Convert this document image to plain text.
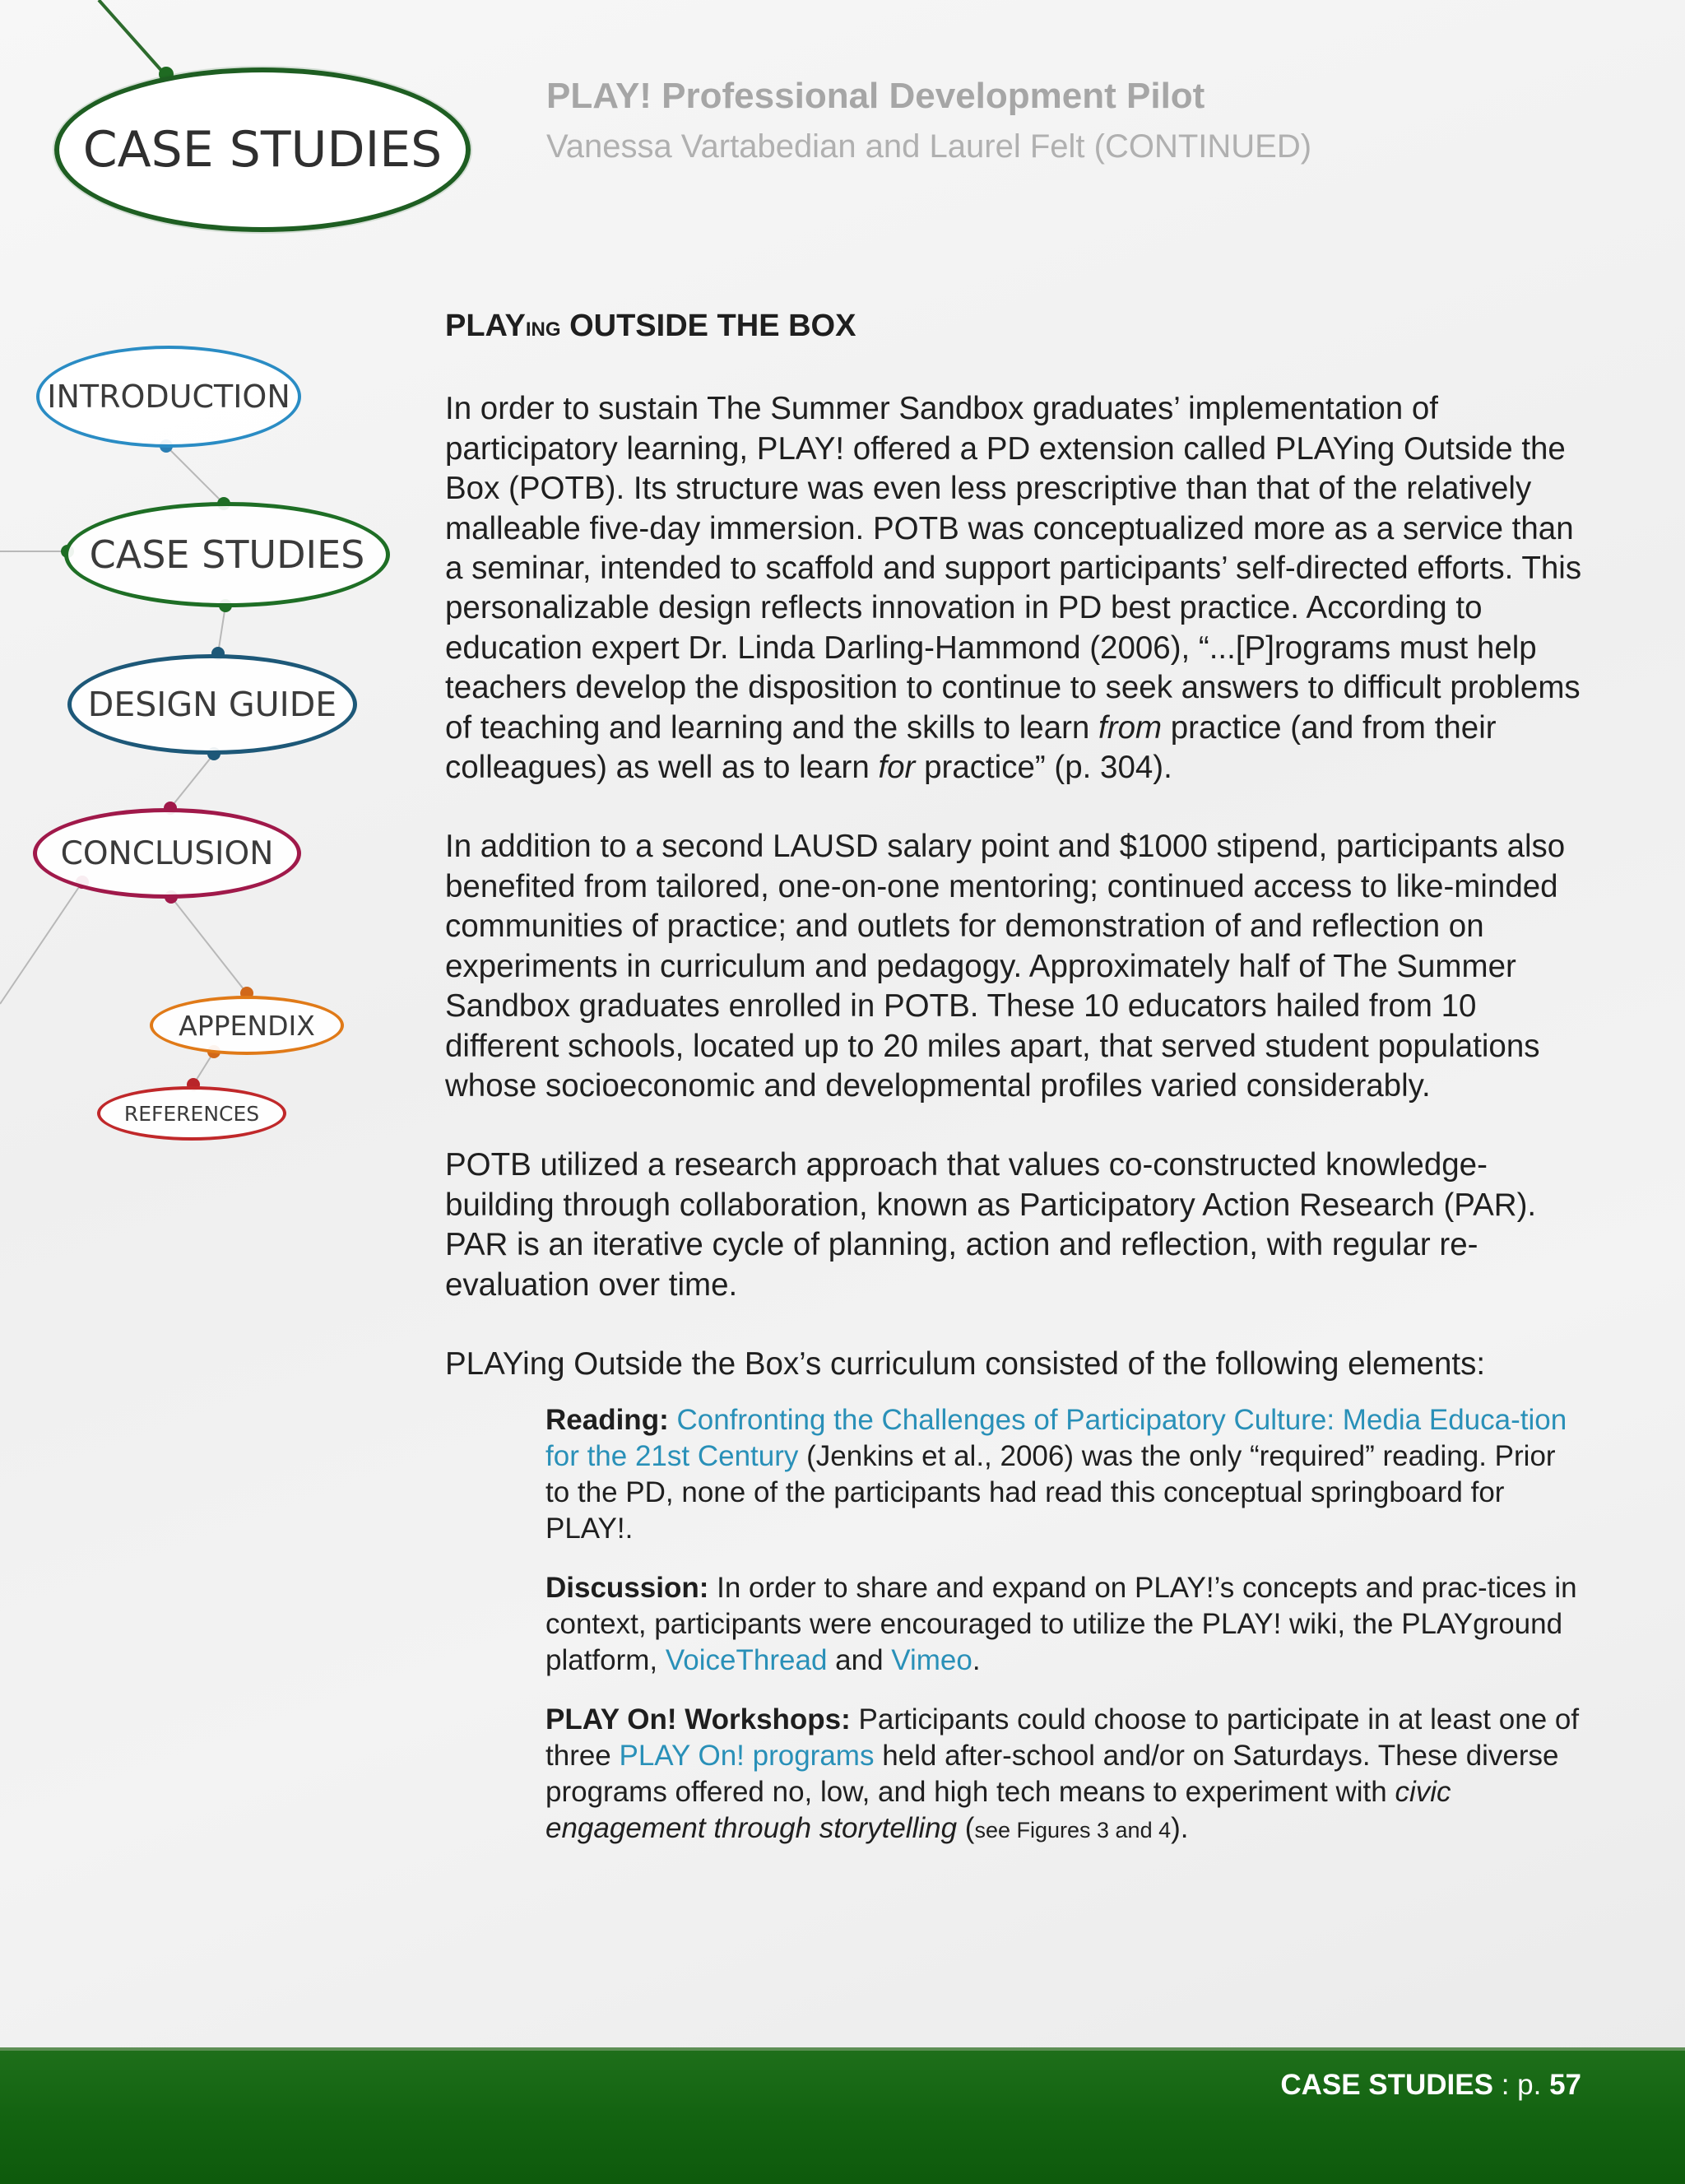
CASE STUDIES
INTRODUCTION
CASE STUDIES
DESIGN GUIDE
CONCLUSION
APPENDIX
REFERENCES
PLAY! Professional Development Pilot
Vanessa Vartabedian and Laurel Felt (CONTINUED)
PLAYING OUTSIDE THE BOX

In order to sustain The Summer Sandbox graduates’ implementation of participatory learning, PLAY! offered a PD extension called PLAYing Outside the Box (POTB). Its structure was even less prescriptive than that of the relatively malleable five-day immersion. POTB was conceptualized more as a service than a seminar, intended to scaffold and support participants’ self-directed efforts. This personalizable design reflects innovation in PD best practice. According to education expert Dr. Linda Darling-Hammond (2006), “...[P]rograms must help teachers develop the disposition to continue to seek answers to difficult problems of teaching and learning and the skills to learn from practice (and from their colleagues) as well as to learn for practice” (p. 304).

In addition to a second LAUSD salary point and $1000 stipend, participants also benefited from tailored, one-on-one mentoring; continued access to like-minded communities of practice; and outlets for demonstration of and reflection on experiments in curriculum and pedagogy. Approximately half of The Summer Sandbox graduates enrolled in POTB. These 10 educators hailed from 10 different schools, located up to 20 miles apart, that served student populations whose socioeconomic and developmental profiles varied considerably.

POTB utilized a research approach that values co-constructed knowledge-building through collaboration, known as Participatory Action Research (PAR). PAR is an iterative cycle of planning, action and reflection, with regular re-evaluation over time.

PLAYing Outside the Box’s curriculum consisted of the following elements:

Reading: Confronting the Challenges of Participatory Culture: Media Educa-tion for the 21st Century (Jenkins et al., 2006) was the only “required” reading. Prior to the PD, none of the participants had read this conceptual springboard for PLAY!.

Discussion: In order to share and expand on PLAY!’s concepts and prac-tices in context, participants were encouraged to utilize the PLAY! wiki, the PLAYground platform, VoiceThread and Vimeo.

PLAY On! Workshops: Participants could choose to participate in at least one of three PLAY On! programs held after-school and/or on Saturdays. These diverse programs offered no, low, and high tech means to experiment with civic engagement through storytelling (see Figures 3 and 4).

CASE STUDIES : p. 57
